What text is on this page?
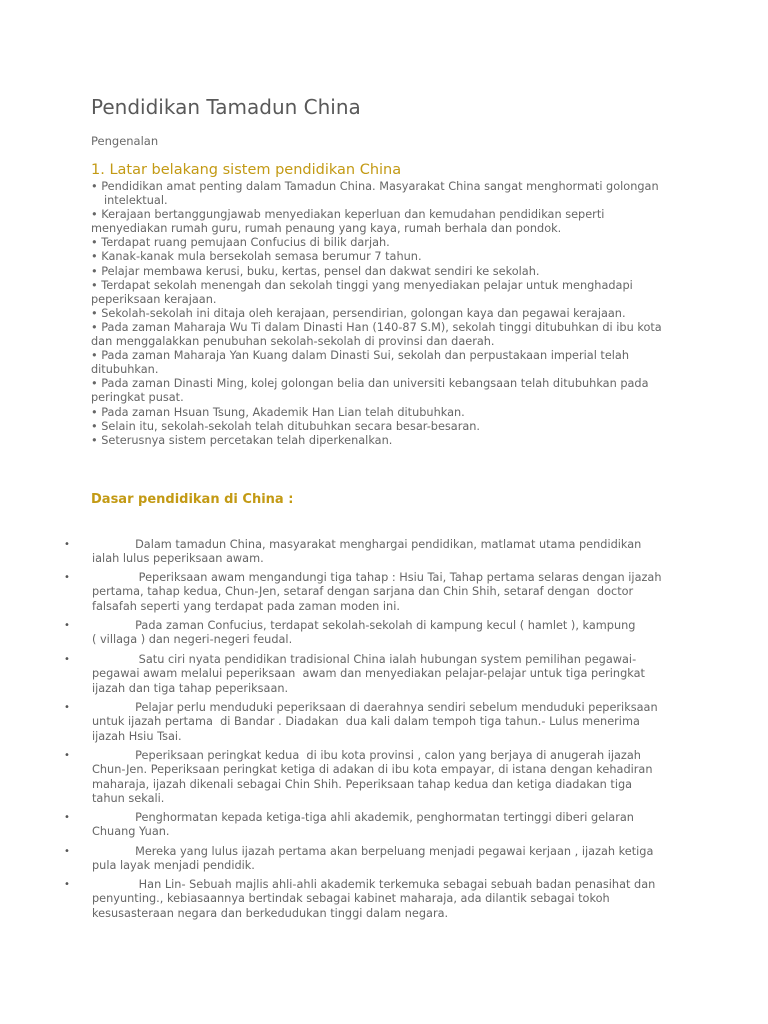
Pendidikan Tamadun China
Pengenalan
1. Latar belakang sistem pendidikan China
• Pendidikan amat penting dalam Tamadun China. Masyarakat China sangat menghormati golongan
intelektual.
• Kerajaan bertanggungjawab menyediakan keperluan dan kemudahan pendidikan seperti
menyediakan rumah guru, rumah penaung yang kaya, rumah berhala dan pondok.
• Terdapat ruang pemujaan Confucius di bilik darjah.
• Kanak-kanak mula bersekolah semasa berumur 7 tahun.
• Pelajar membawa kerusi, buku, kertas, pensel dan dakwat sendiri ke sekolah.
• Terdapat sekolah menengah dan sekolah tinggi yang menyediakan pelajar untuk menghadapi
peperiksaan kerajaan.
• Sekolah-sekolah ini ditaja oleh kerajaan, persendirian, golongan kaya dan pegawai kerajaan.
• Pada zaman Maharaja Wu Ti dalam Dinasti Han (140-87 S.M), sekolah tinggi ditubuhkan di ibu kota
dan menggalakkan penubuhan sekolah-sekolah di provinsi dan daerah.
• Pada zaman Maharaja Yan Kuang dalam Dinasti Sui, sekolah dan perpustakaan imperial telah
ditubuhkan.
• Pada zaman Dinasti Ming, kolej golongan belia dan universiti kebangsaan telah ditubuhkan pada
peringkat pusat.
• Pada zaman Hsuan Tsung, Akademik Han Lian telah ditubuhkan.
• Selain itu, sekolah-sekolah telah ditubuhkan secara besar-besaran.
• Seterusnya sistem percetakan telah diperkenalkan.
Dasar pendidikan di China :
• Dalam tamadun China, masyarakat menghargai pendidikan, matlamat utama pendidikan
ialah lulus peperiksaan awam.
• Peperiksaan awam mengandungi tiga tahap : Hsiu Tai, Tahap pertama selaras dengan ijazah
pertama, tahap kedua, Chun-Jen, setaraf dengan sarjana dan Chin Shih, setaraf dengan  doctor
falsafah seperti yang terdapat pada zaman moden ini.
• Pada zaman Confucius, terdapat sekolah-sekolah di kampung kecul ( hamlet ), kampung
( villaga ) dan negeri-negeri feudal.
• Satu ciri nyata pendidikan tradisional China ialah hubungan system pemilihan pegawai-
pegawai awam melalui peperiksaan  awam dan menyediakan pelajar-pelajar untuk tiga peringkat
ijazah dan tiga tahap peperiksaan.
• Pelajar perlu menduduki peperiksaan di daerahnya sendiri sebelum menduduki peperiksaan
untuk ijazah pertama  di Bandar . Diadakan  dua kali dalam tempoh tiga tahun.- Lulus menerima
ijazah Hsiu Tsai.
• Peperiksaan peringkat kedua  di ibu kota provinsi , calon yang berjaya di anugerah ijazah
Chun-Jen. Peperiksaan peringkat ketiga di adakan di ibu kota empayar, di istana dengan kehadiran
maharaja, ijazah dikenali sebagai Chin Shih. Peperiksaan tahap kedua dan ketiga diadakan tiga
tahun sekali.
• Penghormatan kepada ketiga-tiga ahli akademik, penghormatan tertinggi diberi gelaran
Chuang Yuan.
• Mereka yang lulus ijazah pertama akan berpeluang menjadi pegawai kerjaan , ijazah ketiga
pula layak menjadi pendidik.
• Han Lin- Sebuah majlis ahli-ahli akademik terkemuka sebagai sebuah badan penasihat dan
penyunting., kebiasaannya bertindak sebagai kabinet maharaja, ada dilantik sebagai tokoh
kesusasteraan negara dan berkedudukan tinggi dalam negara.
